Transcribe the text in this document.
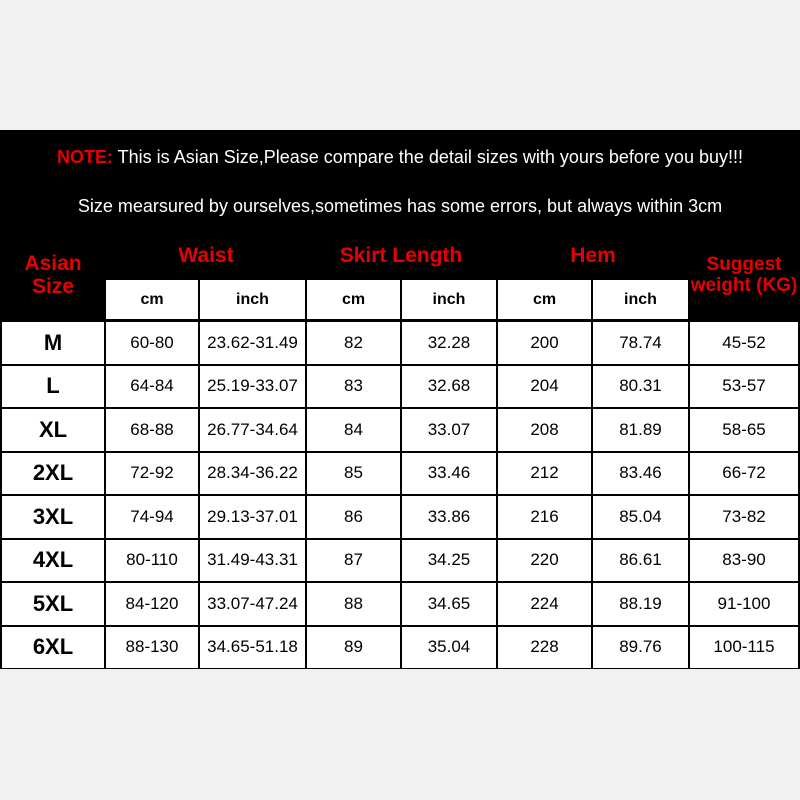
NOTE: This is Asian Size,Please compare the detail sizes with yours before you buy!!!
Size mearsured by ourselves,sometimes has some errors, but always within 3cm
Asian Size
Waist	Skirt Length	Hem	Suggest weight (KG)
cm	inch	cm	inch	cm	inch
M	60-80	23.62-31.49	82	32.28	200	78.74	45-52
L	64-84	25.19-33.07	83	32.68	204	80.31	53-57
XL	68-88	26.77-34.64	84	33.07	208	81.89	58-65
2XL	72-92	28.34-36.22	85	33.46	212	83.46	66-72
3XL	74-94	29.13-37.01	86	33.86	216	85.04	73-82
4XL	80-110	31.49-43.31	87	34.25	220	86.61	83-90
5XL	84-120	33.07-47.24	88	34.65	224	88.19	91-100
6XL	88-130	34.65-51.18	89	35.04	228	89.76	100-115
